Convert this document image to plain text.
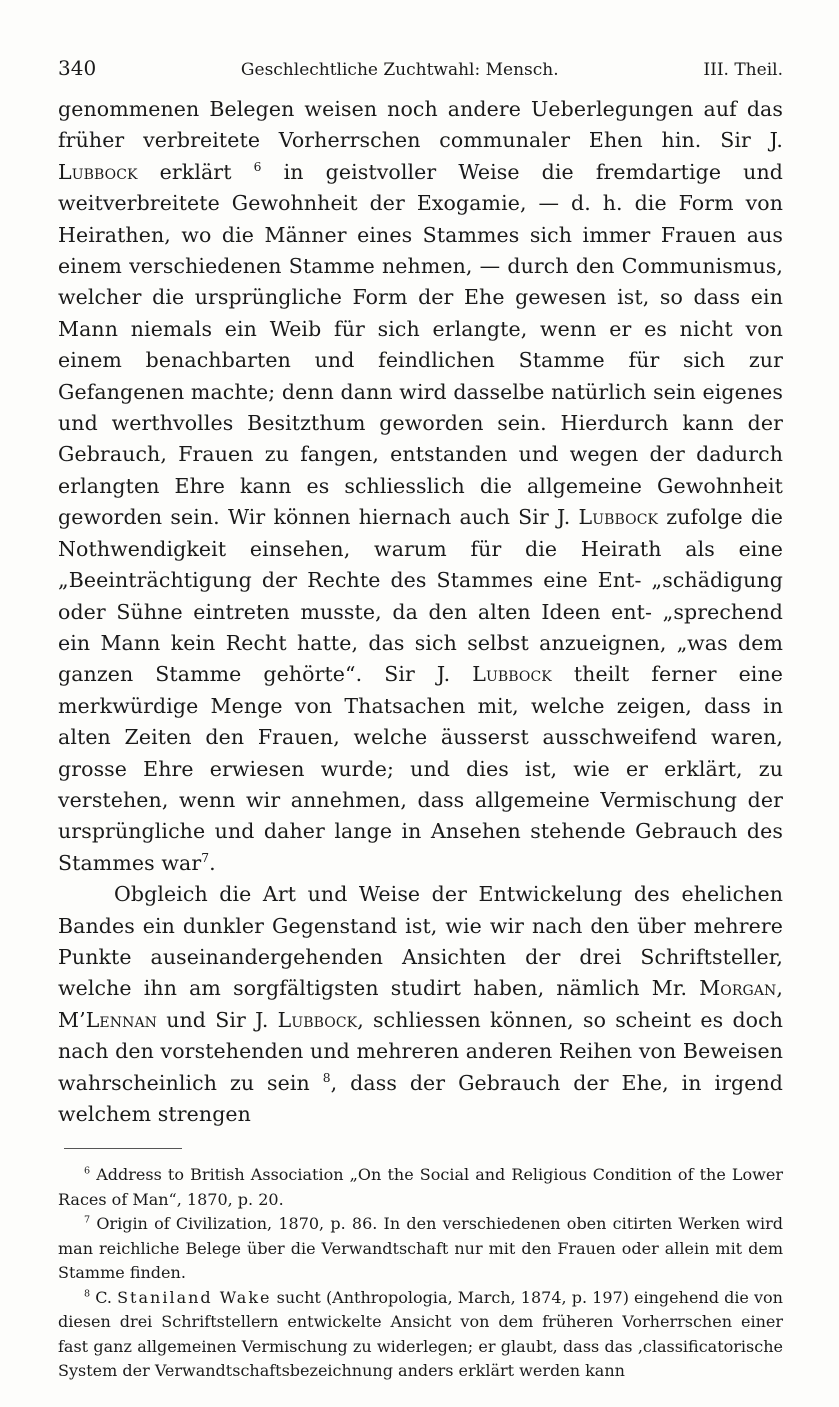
340	Geschlechtliche Zuchtwahl: Mensch.	III. Theil.

genommenen Belegen weisen noch andere Ueberlegungen auf das früher verbreitete Vorherrschen communaler Ehen hin. Sir J. Lubbock erklärt $^6$ in geistvoller Weise die fremdartige und weitverbreitete Gewohnheit der Exogamie, — d. h. die Form von Heirathen, wo die Männer eines Stammes sich immer Frauen aus einem verschiedenen Stamme nehmen, — durch den Communismus, welcher die ursprüngliche Form der Ehe gewesen ist, so dass ein Mann niemals ein Weib für sich erlangte, wenn er es nicht von einem benachbarten und feindlichen Stamme für sich zur Gefangenen machte; denn dann wird dasselbe natürlich sein eigenes und werthvolles Besitzthum geworden sein. Hierdurch kann der Gebrauch, Frauen zu fangen, entstanden und wegen der dadurch erlangten Ehre kann es schliesslich die allgemeine Gewohnheit geworden sein. Wir können hiernach auch Sir J. Lubbock zufolge die Nothwendigkeit einsehen, warum für die Heirath als eine „Beeinträchtigung der Rechte des Stammes eine Ent- „schädigung oder Sühne eintreten musste, da den alten Ideen ent- „sprechend ein Mann kein Recht hatte, das sich selbst anzueignen, „was dem ganzen Stamme gehörte“. Sir J. Lubbock theilt ferner eine merkwürdige Menge von Thatsachen mit, welche zeigen, dass in alten Zeiten den Frauen, welche äusserst ausschweifend waren, grosse Ehre erwiesen wurde; und dies ist, wie er erklärt, zu verstehen, wenn wir annehmen, dass allgemeine Vermischung der ursprüngliche und daher lange in Ansehen stehende Gebrauch des Stammes war$^7$.

Obgleich die Art und Weise der Entwickelung des ehelichen Bandes ein dunkler Gegenstand ist, wie wir nach den über mehrere Punkte auseinandergehenden Ansichten der drei Schriftsteller, welche ihn am sorgfältigsten studirt haben, nämlich Mr. Morgan, M’Lennan und Sir J. Lubbock, schliessen können, so scheint es doch nach den vorstehenden und mehreren anderen Reihen von Beweisen wahrscheinlich zu sein $^8$, dass der Gebrauch der Ehe, in irgend welchem strengen

$^6$ Address to British Association „On the Social and Religious Condition of the Lower Races of Man“, 1870, p. 20.

$^7$ Origin of Civilization, 1870, p. 86. In den verschiedenen oben citirten Werken wird man reichliche Belege über die Verwandtschaft nur mit den Frauen oder allein mit dem Stamme finden.

$^8$ C. Staniland Wake sucht (Anthropologia, March, 1874, p. 197) eingehend die von diesen drei Schriftstellern entwickelte Ansicht von dem früheren Vorherrschen einer fast ganz allgemeinen Vermischung zu widerlegen; er glaubt, dass das ‚classificatorische System der Verwandtschaftsbezeichnung anders erklärt werden kann
